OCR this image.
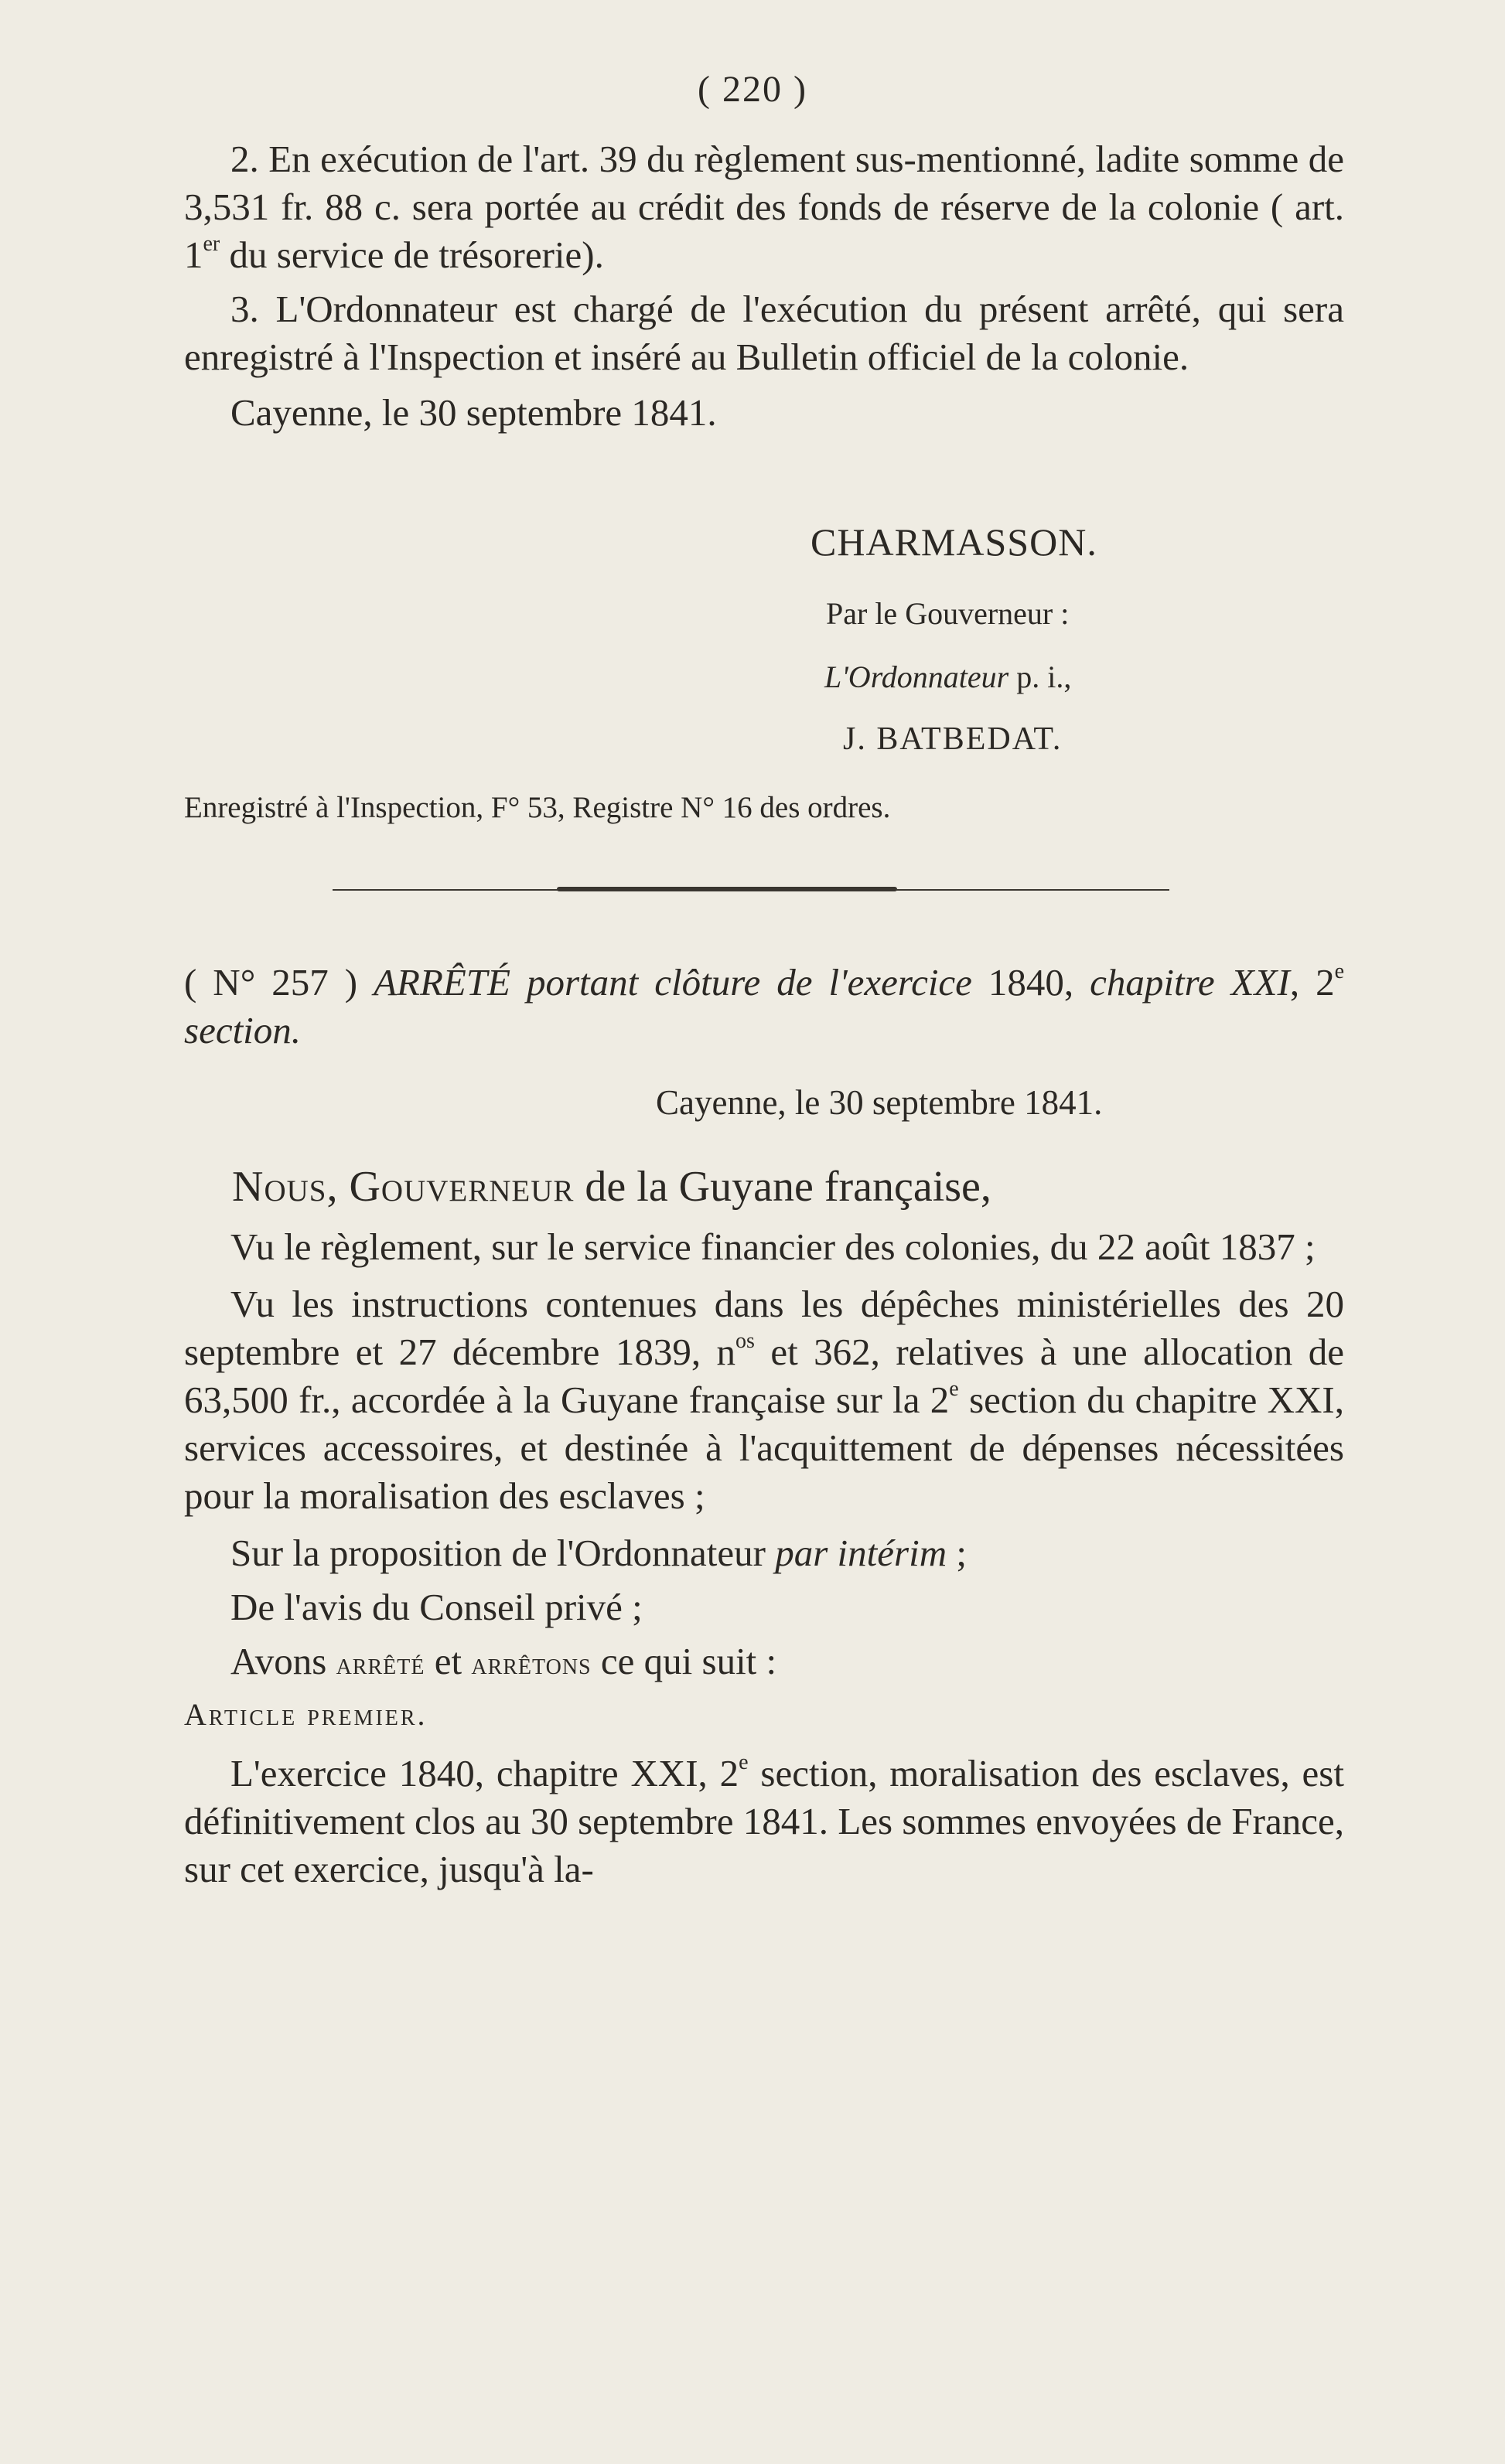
( 220 )

2. En exécution de l'art. 39 du règlement sus-mentionné, ladite somme de 3,531 fr. 88 c. sera portée au crédit des fonds de réserve de la colonie ( art. 1er du service de trésorerie).

3. L'Ordonnateur est chargé de l'exécution du présent arrêté, qui sera enregistré à l'Inspection et inséré au Bulletin officiel de la colonie.

Cayenne, le 30 septembre 1841.

CHARMASSON.
Par le Gouverneur :
L'Ordonnateur p. i.,
J. BATBEDAT.
Enregistré à l'Inspection, F° 53, Registre N° 16 des ordres.

( N° 257 ) ARRÊTÉ portant clôture de l'exercice 1840, chapitre XXI, 2e section.

Cayenne, le 30 septembre 1841.

Nous, Gouverneur de la Guyane française,

Vu le règlement, sur le service financier des colonies, du 22 août 1837 ;

Vu les instructions contenues dans les dépêches ministérielles des 20 septembre et 27 décembre 1839, $n^{os}$ et 362, relatives à une allocation de 63,500 fr., accordée à la Guyane française sur la 2e section du chapitre XXI, services accessoires, et destinée à l'acquittement de dépenses nécessitées pour la moralisation des esclaves ;

Sur la proposition de l'Ordonnateur par intérim ;

De l'avis du Conseil privé ;

Avons arrêté et arrêtons ce qui suit :

Article premier.

L'exercice 1840, chapitre XXI, 2e section, moralisation des esclaves, est définitivement clos au 30 septembre 1841. Les sommes envoyées de France, sur cet exercice, jusqu'à la-
